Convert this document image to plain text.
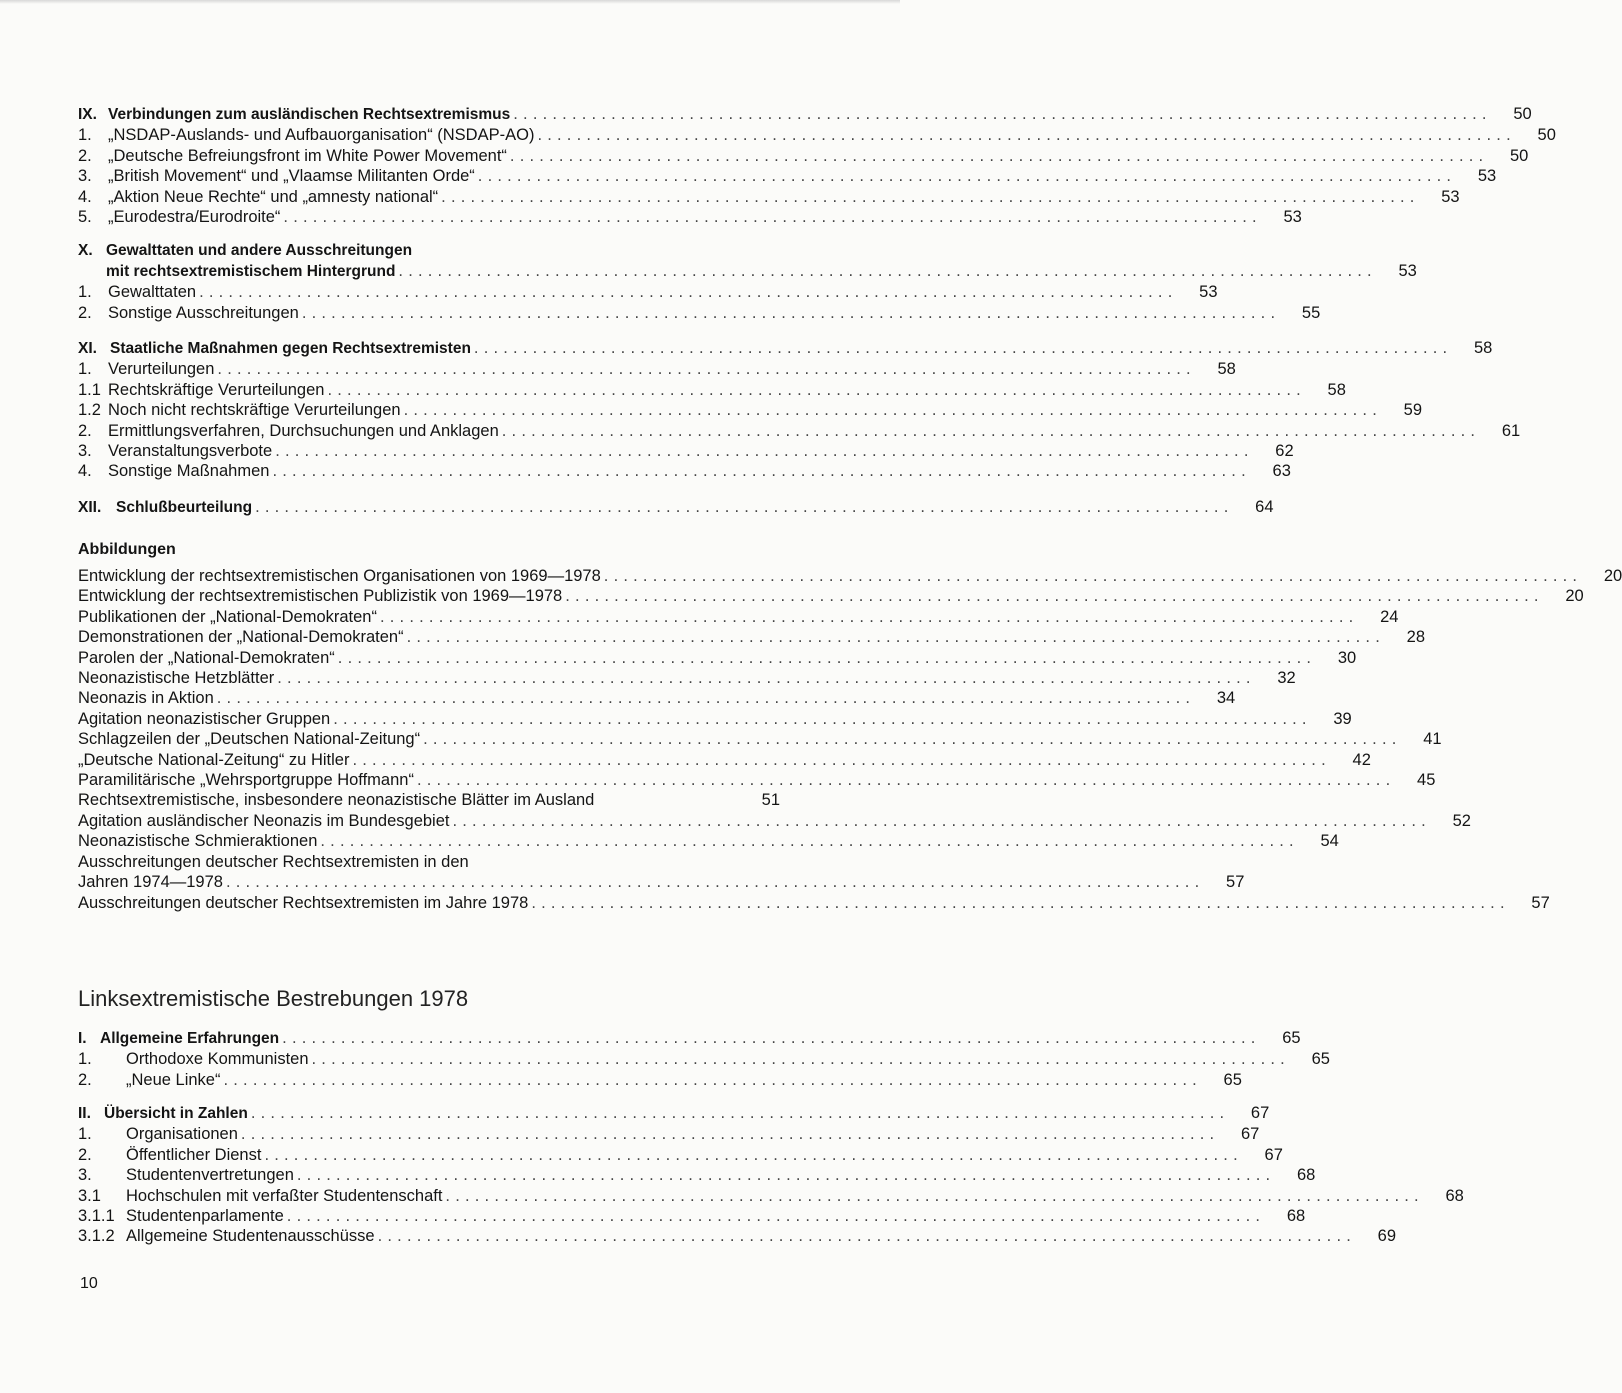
IX. Verbindungen zum ausländischen Rechtsextremismus ....................................................................................................	50
1. „NSDAP-Auslands- und Aufbauorganisation“ (NSDAP-AO) ....................................................................................................	50
2. „Deutsche Befreiungsfront im White Power Movement“ ....................................................................................................	50
3. „British Movement“ und „Vlaamse Militanten Orde“ ....................................................................................................	53
4. „Aktion Neue Rechte“ und „amnesty national“ ....................................................................................................	53
5. „Eurodestra/Eurodroite“ ....................................................................................................	53
X. Gewalttaten und andere Ausschreitungen
mit rechtsextremistischem Hintergrund ....................................................................................................	53
1. Gewalttaten ....................................................................................................	53
2. Sonstige Ausschreitungen ....................................................................................................	55
XI. Staatliche Maßnahmen gegen Rechtsextremisten ....................................................................................................	58
1. Verurteilungen ....................................................................................................	58
1.1 Rechtskräftige Verurteilungen ....................................................................................................	58
1.2 Noch nicht rechtskräftige Verurteilungen ....................................................................................................	59
2. Ermittlungsverfahren, Durchsuchungen und Anklagen ....................................................................................................	61
3. Veranstaltungsverbote ....................................................................................................	62
4. Sonstige Maßnahmen ....................................................................................................	63
XII. Schlußbeurteilung ....................................................................................................	64
Abbildungen
Entwicklung der rechtsextremistischen Organisationen von 1969—1978 ....................................................................................................	20
Entwicklung der rechtsextremistischen Publizistik von 1969—1978 ....................................................................................................	20
Publikationen der „National-Demokraten“ ....................................................................................................	24
Demonstrationen der „National-Demokraten“ ....................................................................................................	28
Parolen der „National-Demokraten“ ....................................................................................................	30
Neonazistische Hetzblätter ....................................................................................................	32
Neonazis in Aktion ....................................................................................................	34
Agitation neonazistischer Gruppen ....................................................................................................	39
Schlagzeilen der „Deutschen National-Zeitung“ ....................................................................................................	41
„Deutsche National-Zeitung“ zu Hitler ....................................................................................................	42
Paramilitärische „Wehrsportgruppe Hoffmann“ ....................................................................................................	45
Rechtsextremistische, insbesondere neonazistische Blätter im Ausland	51
Agitation ausländischer Neonazis im Bundesgebiet ....................................................................................................	52
Neonazistische Schmieraktionen ....................................................................................................	54
Ausschreitungen deutscher Rechtsextremisten in den
Jahren 1974—1978 ....................................................................................................	57
Ausschreitungen deutscher Rechtsextremisten im Jahre 1978 ....................................................................................................	57
Linksextremistische Bestrebungen 1978
I. Allgemeine Erfahrungen ....................................................................................................	65
1.	Orthodoxe Kommunisten ....................................................................................................	65
2.	„Neue Linke“ ....................................................................................................	65
II. Übersicht in Zahlen ....................................................................................................	67
1.	Organisationen ....................................................................................................	67
2.	Öffentlicher Dienst ....................................................................................................	67
3.	Studentenvertretungen ....................................................................................................	68
3.1	Hochschulen mit verfaßter Studentenschaft ....................................................................................................	68
3.1.1 Studentenparlamente ....................................................................................................	68
3.1.2 Allgemeine Studentenausschüsse ....................................................................................................	69
10
